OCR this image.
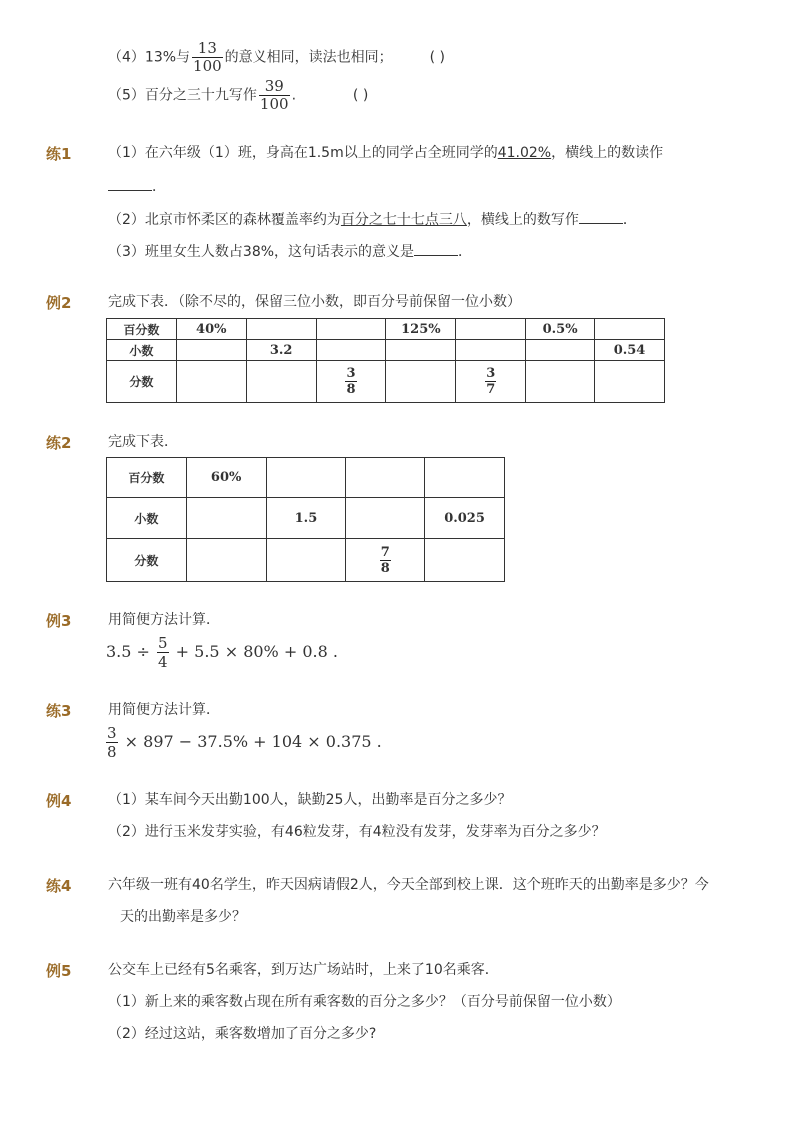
（4）13%与 $\frac{13}{100}$ 的意义相同，读法也相同；	( )
（5）百分之三十九写作 $\frac{39}{100}$ .	( )
练1	（1）在六年级（1）班，身高在1.5m以上的同学占全班同学的41.02%，横线上的数读作
．
（2）北京市怀柔区的森林覆盖率约为百分之七十七点三八，横线上的数写作	．
（3）班里女生人数占38%，这句话表示的意义是	．
例2	完成下表．（除不尽的，保留三位小数，即百分号前保留一位小数）
百分数	40%			125%		0.5%	
小数		3.2					0.54
分数			$\frac{3}{8}$		$\frac{3}{7}$

练2	完成下表．
百分数	60%			
小数		1.5		0.025
分数			$\frac{7}{8}$

例3	用简便方法计算．
$3.5 \div \frac{5}{4} + 5.5 \times 80\% + 0.8$ .
练3	用简便方法计算．
$\frac{3}{8} \times 897 - 37.5\% + 104 \times 0.375$ .
例4	（1）某车间今天出勤100人，缺勤25人，出勤率是百分之多少？
（2）进行玉米发芽实验，有46粒发芽，有4粒没有发芽，发芽率为百分之多少？
练4	六年级一班有40名学生，昨天因病请假2人，今天全部到校上课．这个班昨天的出勤率是多少？今
天的出勤率是多少？
例5	公交车上已经有5名乘客，到万达广场站时，上来了10名乘客．
（1）新上来的乘客数占现在所有乘客数的百分之多少？（百分号前保留一位小数）
（2）经过这站，乘客数增加了百分之多少?
